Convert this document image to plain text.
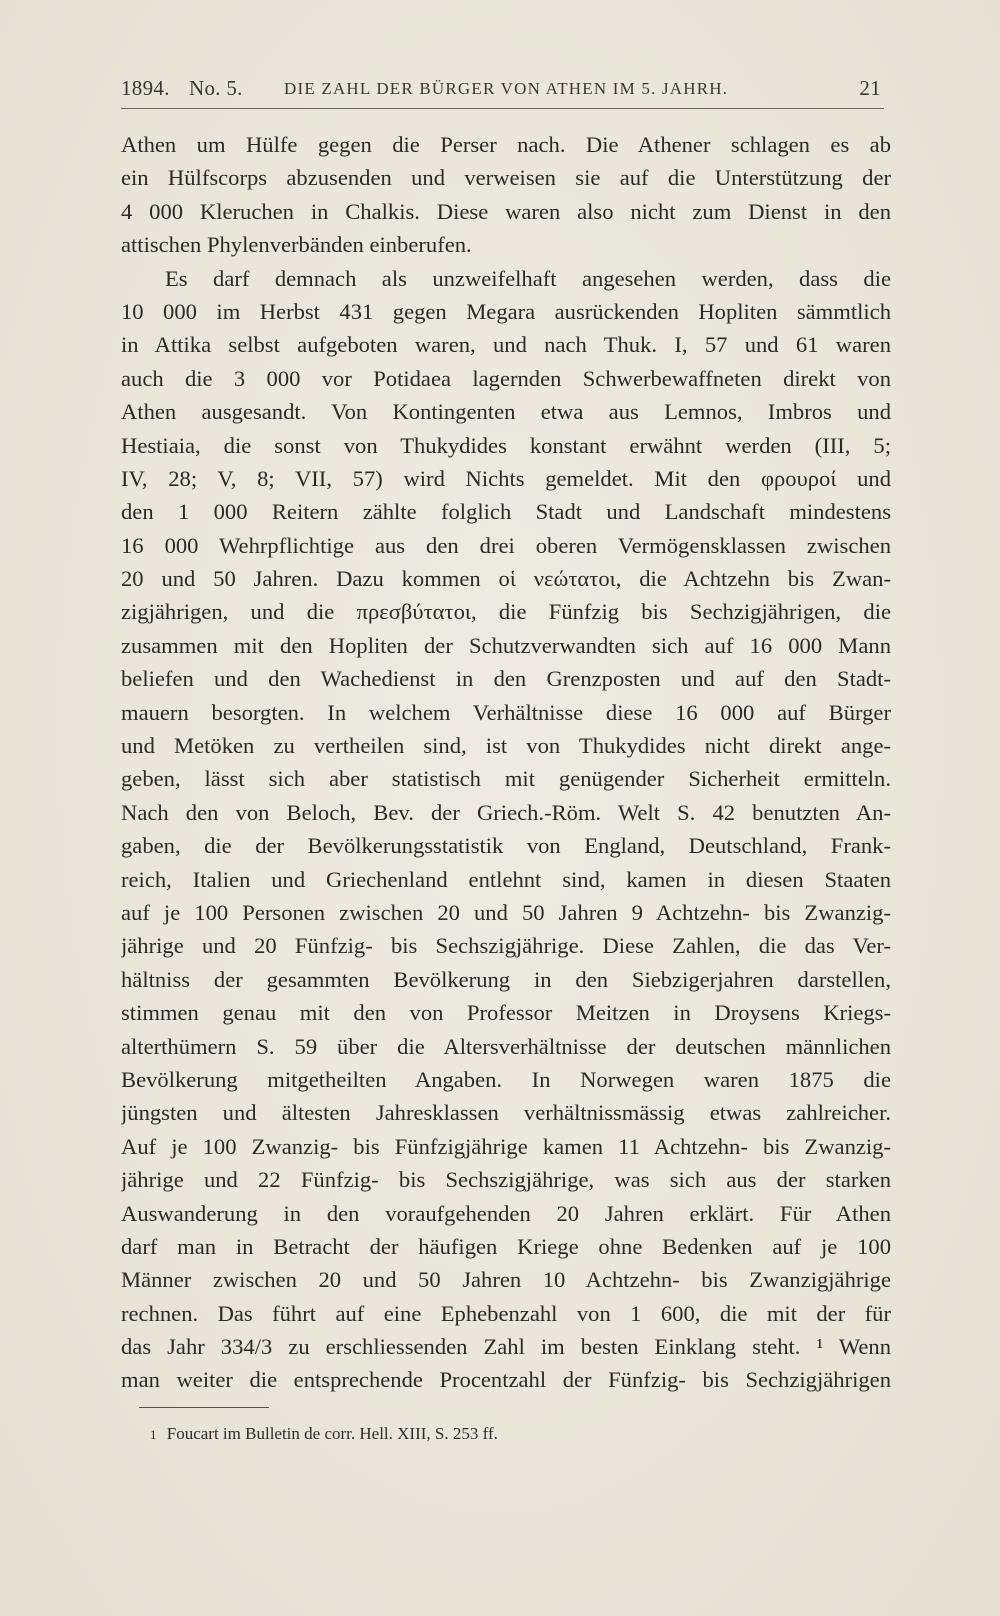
1894. No. 5. DIE ZAHL DER BÜRGER VON ATHEN IM 5. JAHRH.	21
Athen um Hülfe gegen die Perser nach. Die Athener schlagen es ab
ein Hülfscorps abzusenden und verweisen sie auf die Unterstützung der
4 000 Kleruchen in Chalkis. Diese waren also nicht zum Dienst in den
attischen Phylenverbänden einberufen.
Es darf demnach als unzweifelhaft angesehen werden, dass die
10 000 im Herbst 431 gegen Megara ausrückenden Hopliten sämmtlich
in Attika selbst aufgeboten waren, und nach Thuk. I, 57 und 61 waren
auch die 3 000 vor Potidaea lagernden Schwerbewaffneten direkt von
Athen ausgesandt. Von Kontingenten etwa aus Lemnos, Imbros und
Hestiaia, die sonst von Thukydides konstant erwähnt werden (III, 5;
IV, 28; V, 8; VII, 57) wird Nichts gemeldet. Mit den φρουροί und
den 1 000 Reitern zählte folglich Stadt und Landschaft mindestens
16 000 Wehrpflichtige aus den drei oberen Vermögensklassen zwischen
20 und 50 Jahren. Dazu kommen οἱ νεώτατοι, die Achtzehn bis Zwan-
zigjährigen, und die πρεσβύτατοι, die Fünfzig bis Sechzigjährigen, die
zusammen mit den Hopliten der Schutzverwandten sich auf 16 000 Mann
beliefen und den Wachedienst in den Grenzposten und auf den Stadt-
mauern besorgten. In welchem Verhältnisse diese 16 000 auf Bürger
und Metöken zu vertheilen sind, ist von Thukydides nicht direkt ange-
geben, lässt sich aber statistisch mit genügender Sicherheit ermitteln.
Nach den von Beloch, Bev. der Griech.-Röm. Welt S. 42 benutzten An-
gaben, die der Bevölkerungsstatistik von England, Deutschland, Frank-
reich, Italien und Griechenland entlehnt sind, kamen in diesen Staaten
auf je 100 Personen zwischen 20 und 50 Jahren 9 Achtzehn- bis Zwanzig-
jährige und 20 Fünfzig- bis Sechszigjährige. Diese Zahlen, die das Ver-
hältniss der gesammten Bevölkerung in den Siebzigerjahren darstellen,
stimmen genau mit den von Professor Meitzen in Droysens Kriegs-
alterthümern S. 59 über die Altersverhältnisse der deutschen männlichen
Bevölkerung mitgetheilten Angaben. In Norwegen waren 1875 die
jüngsten und ältesten Jahresklassen verhältnissmässig etwas zahlreicher.
Auf je 100 Zwanzig- bis Fünfzigjährige kamen 11 Achtzehn- bis Zwanzig-
jährige und 22 Fünfzig- bis Sechszigjährige, was sich aus der starken
Auswanderung in den voraufgehenden 20 Jahren erklärt. Für Athen
darf man in Betracht der häufigen Kriege ohne Bedenken auf je 100
Männer zwischen 20 und 50 Jahren 10 Achtzehn- bis Zwanzigjährige
rechnen. Das führt auf eine Ephebenzahl von 1 600, die mit der für
das Jahr 334/3 zu erschliessenden Zahl im besten Einklang steht. ¹ Wenn
man weiter die entsprechende Procentzahl der Fünfzig- bis Sechzigjährigen
1 Foucart im Bulletin de corr. Hell. XIII, S. 253 ff.
